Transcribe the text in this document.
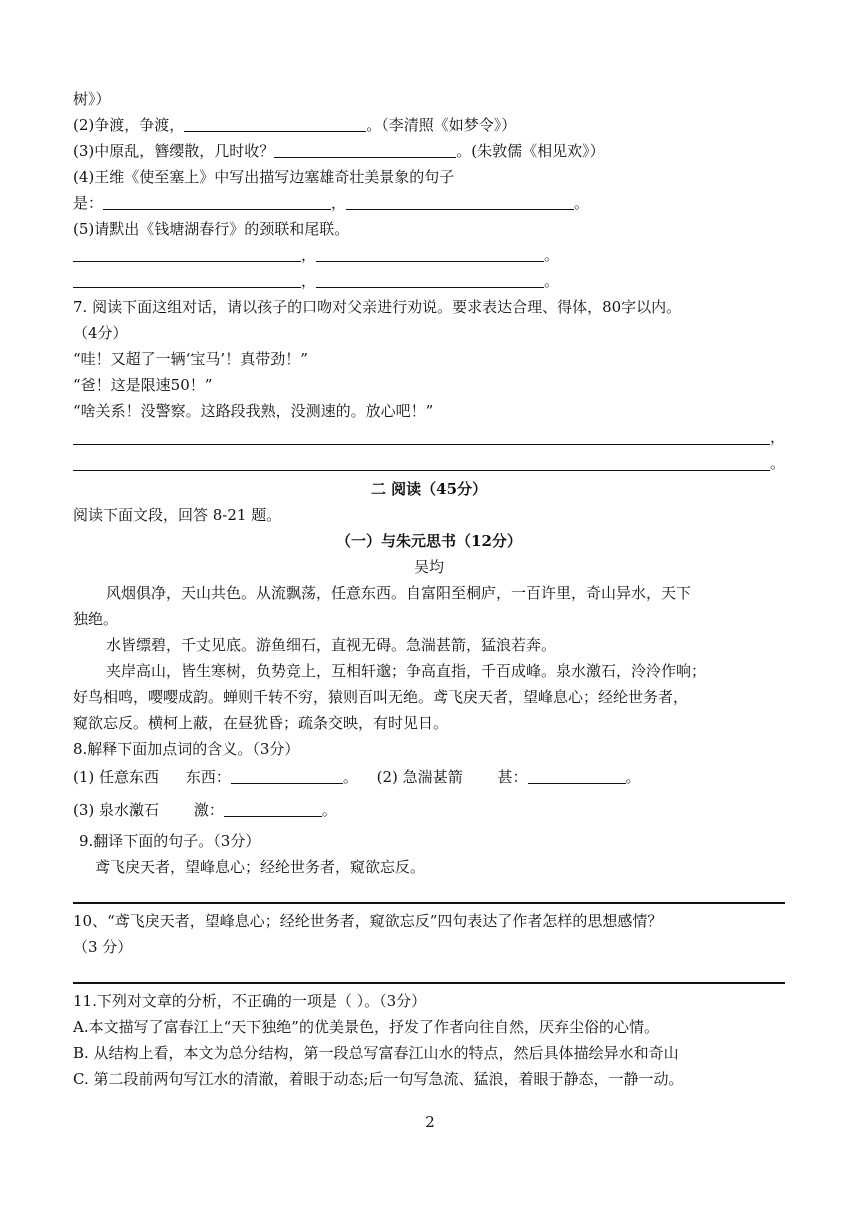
树》）
(2)争渡，争渡，	。（李清照《如梦令》）
(3)中原乱，簪缨散，几时收？	。(朱敦儒《相见欢》）
(4)王维《使至塞上》中写出描写边塞雄奇壮美景象的句子
是：	，	。
(5)请默出《钱塘湖春行》的颈联和尾联。
，	。
，	。
7. 阅读下面这组对话，请以孩子的口吻对父亲进行劝说。要求表达合理、得体，80字以内。
（4分）
“哇！又超了一辆‘宝马’！真带劲！”
“爸！这是限速50！”
“啥关系！没警察。这路段我熟，没测速的。放心吧！”
，
。
二 阅读（45分）
阅读下面文段，回答 8-21 题。
（一）与朱元思书（12分）
吴均
风烟俱净，天山共色。从流飘荡，任意东西。自富阳至桐庐，一百许里，奇山异水，天下
独绝。
水皆缥碧，千丈见底。游鱼细石，直视无碍。急湍甚箭，猛浪若奔。
夹岸高山，皆生寒树，负势竞上，互相轩邈；争高直指，千百成峰。泉水激石，泠泠作响；
好鸟相鸣，嘤嘤成韵。蝉则千转不穷，猿则百叫无绝。鸢飞戾天者，望峰息心；经纶世务者，
窥欲忘反。横柯上蔽，在昼犹昏；疏条交映，有时见日。
8.解释下面加点词的含义。（3分）
(1) 任意东 •西 东西：	。 (2) 急湍甚 •箭 甚：	。
(3) 泉水激 •石 激：	。
9.翻译下面的句子。（3分）
鸢飞戾天者，望峰息心；经纶世务者，窥欲忘反。
10、“鸢飞戾天者，望峰息心；经纶世务者，窥欲忘反”四句表达了作者怎样的思想感情？
（3 分）
11.下列对文章的分析，不正确的一项是（ ）。（3分）
A.本文描写了富春江上“天下独绝”的优美景色，抒发了作者向往自然，厌弃尘俗的心情。
B. 从结构上看，本文为总分结构，第一段总写富春江山水的特点，然后具体描绘异水和奇山
C. 第二段前两句写江水的清澈，着眼于动态;后一句写急流、猛浪，着眼于静态，一静一动。
2
